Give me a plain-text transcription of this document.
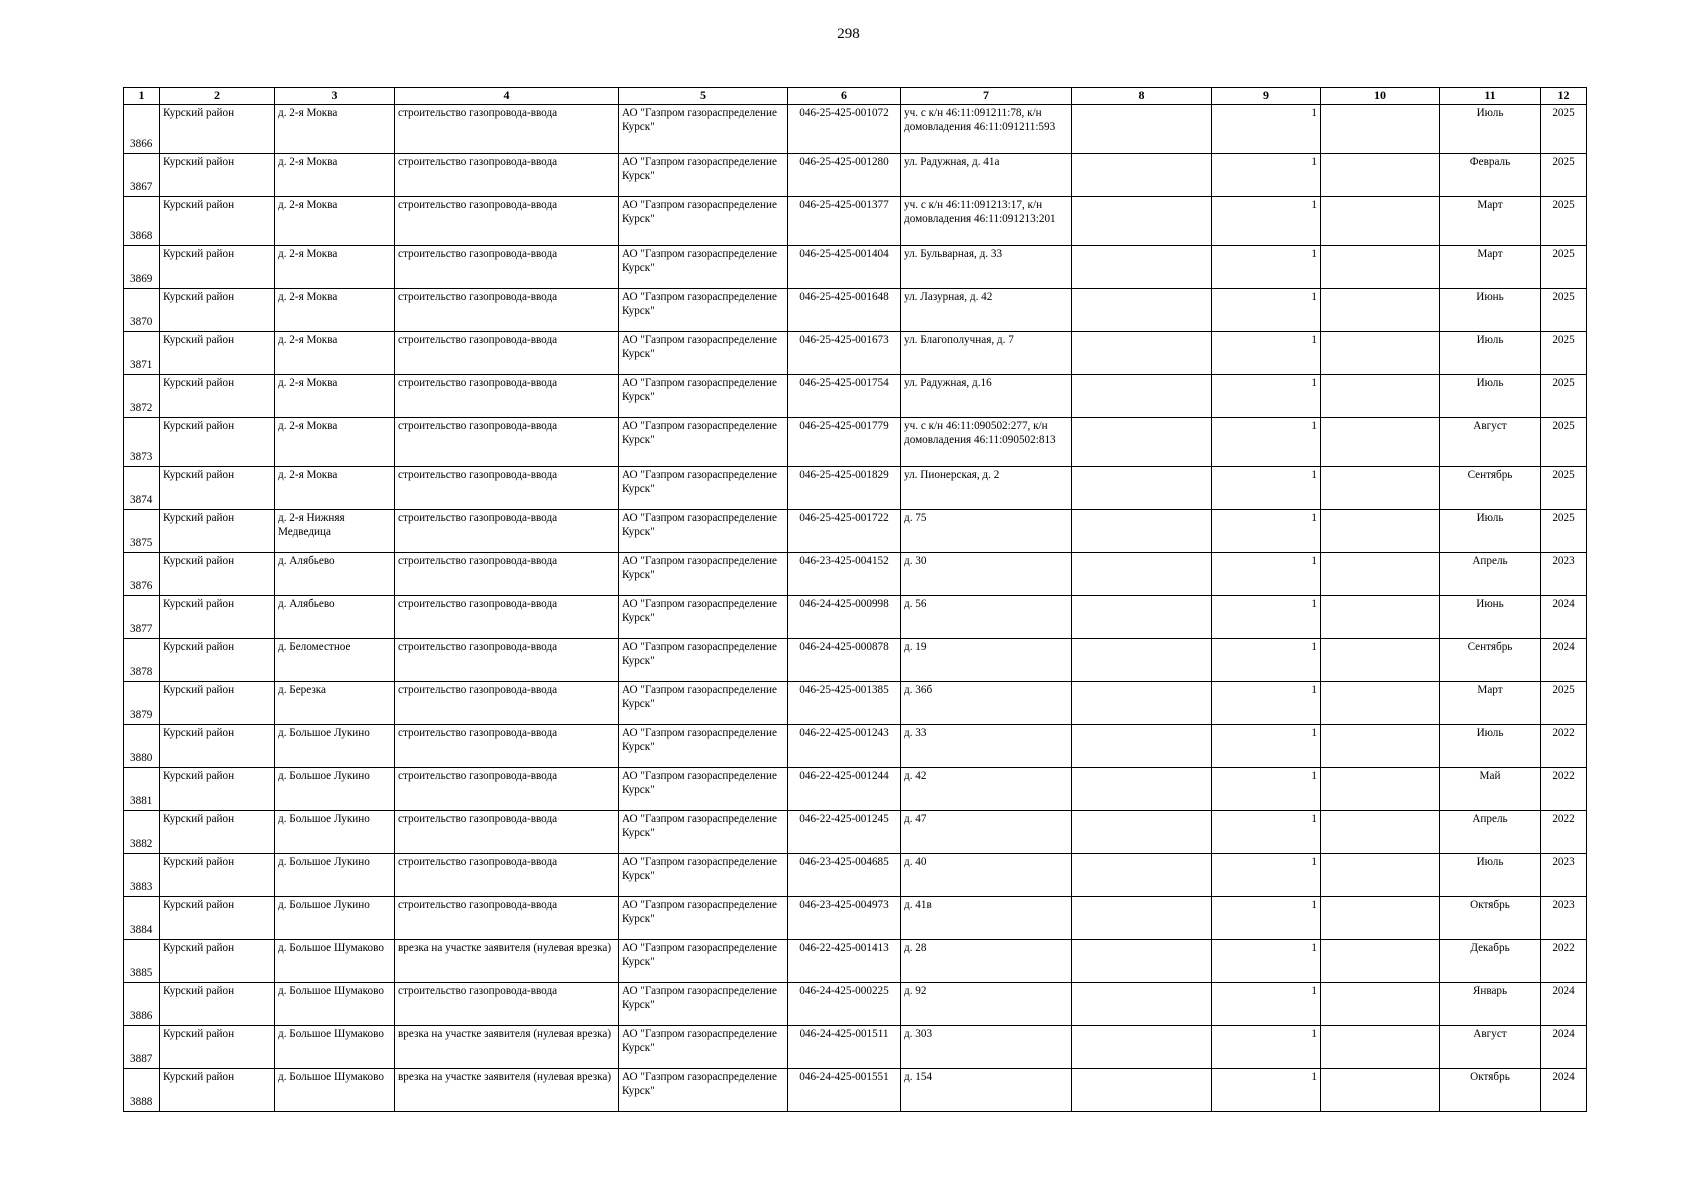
298
1	2	3	4	5	6	7	8	9	10	11	12
3866	Курский район	д. 2-я Моква	строительство газопровода-ввода	АО "Газпром газораспределение Курск"	046-25-425-001072	уч. с к/н 46:11:091211:78, к/н домовладения 46:11:091211:593		1		Июль	2025
3867	Курский район	д. 2-я Моква	строительство газопровода-ввода	АО "Газпром газораспределение Курск"	046-25-425-001280	ул. Радужная, д. 41а		1		Февраль	2025
3868	Курский район	д. 2-я Моква	строительство газопровода-ввода	АО "Газпром газораспределение Курск"	046-25-425-001377	уч. с к/н 46:11:091213:17, к/н домовладения 46:11:091213:201		1		Март	2025
3869	Курский район	д. 2-я Моква	строительство газопровода-ввода	АО "Газпром газораспределение Курск"	046-25-425-001404	ул. Бульварная, д. 33		1		Март	2025
3870	Курский район	д. 2-я Моква	строительство газопровода-ввода	АО "Газпром газораспределение Курск"	046-25-425-001648	ул. Лазурная, д. 42		1		Июнь	2025
3871	Курский район	д. 2-я Моква	строительство газопровода-ввода	АО "Газпром газораспределение Курск"	046-25-425-001673	ул. Благополучная, д. 7		1		Июль	2025
3872	Курский район	д. 2-я Моква	строительство газопровода-ввода	АО "Газпром газораспределение Курск"	046-25-425-001754	ул. Радужная, д.16		1		Июль	2025
3873	Курский район	д. 2-я Моква	строительство газопровода-ввода	АО "Газпром газораспределение Курск"	046-25-425-001779	уч. с к/н 46:11:090502:277, к/н домовладения 46:11:090502:813		1		Август	2025
3874	Курский район	д. 2-я Моква	строительство газопровода-ввода	АО "Газпром газораспределение Курск"	046-25-425-001829	ул. Пионерская, д. 2		1		Сентябрь	2025
3875	Курский район	д. 2-я Нижняя Медведица	строительство газопровода-ввода	АО "Газпром газораспределение Курск"	046-25-425-001722	д. 75		1		Июль	2025
3876	Курский район	д. Алябьево	строительство газопровода-ввода	АО "Газпром газораспределение Курск"	046-23-425-004152	д. 30		1		Апрель	2023
3877	Курский район	д. Алябьево	строительство газопровода-ввода	АО "Газпром газораспределение Курск"	046-24-425-000998	д. 56		1		Июнь	2024
3878	Курский район	д. Беломестное	строительство газопровода-ввода	АО "Газпром газораспределение Курск"	046-24-425-000878	д. 19		1		Сентябрь	2024
3879	Курский район	д. Березка	строительство газопровода-ввода	АО "Газпром газораспределение Курск"	046-25-425-001385	д. 36б		1		Март	2025
3880	Курский район	д. Большое Лукино	строительство газопровода-ввода	АО "Газпром газораспределение Курск"	046-22-425-001243	д. 33		1		Июль	2022
3881	Курский район	д. Большое Лукино	строительство газопровода-ввода	АО "Газпром газораспределение Курск"	046-22-425-001244	д. 42		1		Май	2022
3882	Курский район	д. Большое Лукино	строительство газопровода-ввода	АО "Газпром газораспределение Курск"	046-22-425-001245	д. 47		1		Апрель	2022
3883	Курский район	д. Большое Лукино	строительство газопровода-ввода	АО "Газпром газораспределение Курск"	046-23-425-004685	д. 40		1		Июль	2023
3884	Курский район	д. Большое Лукино	строительство газопровода-ввода	АО "Газпром газораспределение Курск"	046-23-425-004973	д. 41в		1		Октябрь	2023
3885	Курский район	д. Большое Шумаково	врезка на участке заявителя (нулевая врезка)	АО "Газпром газораспределение Курск"	046-22-425-001413	д. 28		1		Декабрь	2022
3886	Курский район	д. Большое Шумаково	строительство газопровода-ввода	АО "Газпром газораспределение Курск"	046-24-425-000225	д. 92		1		Январь	2024
3887	Курский район	д. Большое Шумаково	врезка на участке заявителя (нулевая врезка)	АО "Газпром газораспределение Курск"	046-24-425-001511	д. 303		1		Август	2024
3888	Курский район	д. Большое Шумаково	врезка на участке заявителя (нулевая врезка)	АО "Газпром газораспределение Курск"	046-24-425-001551	д. 154		1		Октябрь	2024
